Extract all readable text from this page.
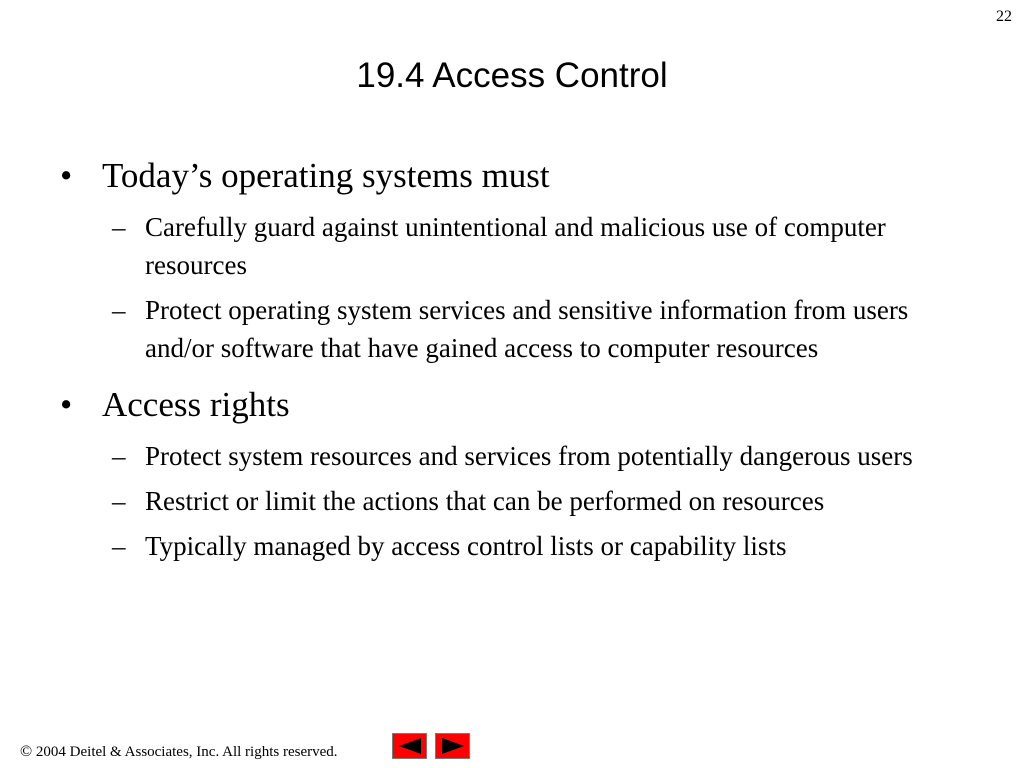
22
19.4 Access Control
• Today’s operating systems must
– Carefully guard against unintentional and malicious use of computer resources
– Protect operating system services and sensitive information from users and/or software that have gained access to computer resources
• Access rights
– Protect system resources and services from potentially dangerous users
– Restrict or limit the actions that can be performed on resources
– Typically managed by access control lists or capability lists
© 2004 Deitel & Associates, Inc. All rights reserved.
